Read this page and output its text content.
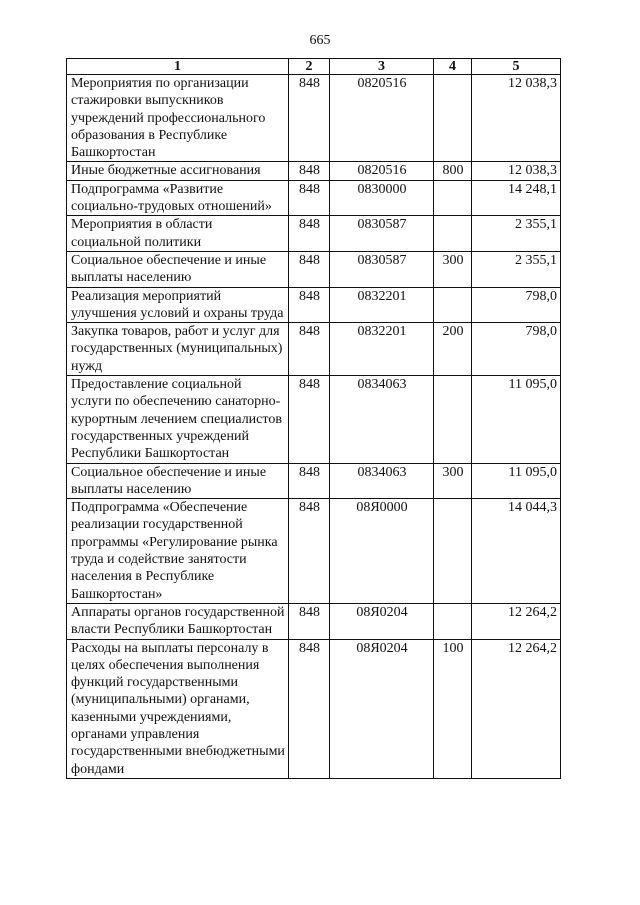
665
1	2	3	4	5
Мероприятия по организации стажировки выпускников учреждений профессионального образования в Республике Башкортостан	848	0820516		12 038,3
Иные бюджетные ассигнования	848	0820516	800	12 038,3
Подпрограмма «Развитие социально-трудовых отношений»	848	0830000		14 248,1
Мероприятия в области социальной политики	848	0830587		2 355,1
Социальное обеспечение и иные выплаты населению	848	0830587	300	2 355,1
Реализация мероприятий улучшения условий и охраны труда	848	0832201		798,0
Закупка товаров, работ и услуг для государственных (муниципальных) нужд	848	0832201	200	798,0
Предоставление социальной услуги по обеспечению санаторно-курортным лечением специалистов государственных учреждений Республики Башкортостан	848	0834063		11 095,0
Социальное обеспечение и иные выплаты населению	848	0834063	300	11 095,0
Подпрограмма «Обеспечение реализации государственной программы «Регулирование рынка труда и содействие занятости населения в Республике Башкортостан»	848	08Я0000		14 044,3
Аппараты органов государственной власти Республики Башкортостан	848	08Я0204		12 264,2
Расходы на выплаты персоналу в целях обеспечения выполнения функций государственными (муниципальными) органами, казенными учреждениями, органами управления государственными внебюджетными фондами	848	08Я0204	100	12 264,2
